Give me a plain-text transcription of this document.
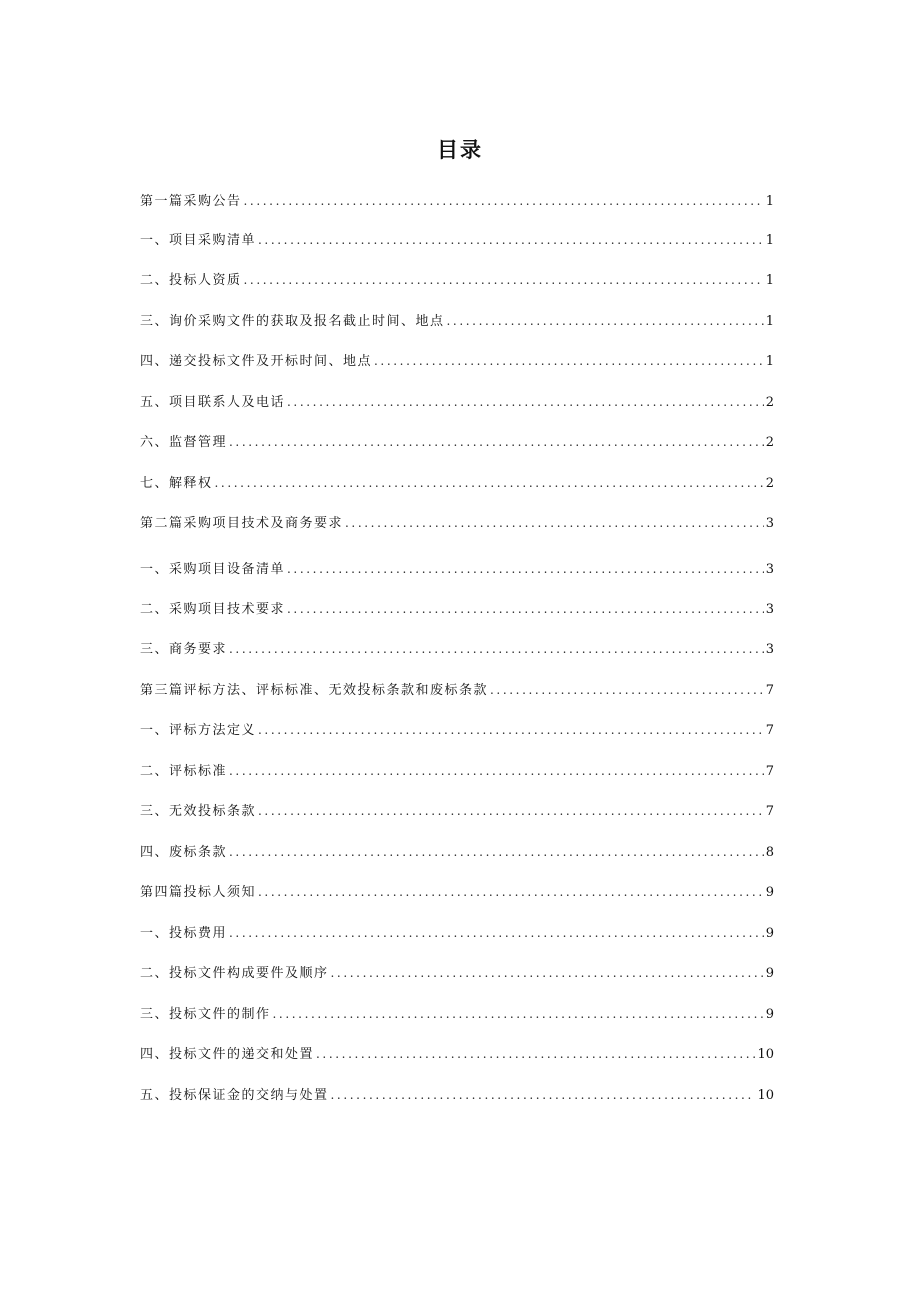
目录
第一篇采购公告 .....	1
一、项目采购清单 .....	1
二、投标人资质 .....	1
三、询价采购文件的获取及报名截止时间、地点 .....	1
四、递交投标文件及开标时间、地点 .....	1
五、项目联系人及电话 .....	2
六、监督管理 .....	2
七、解释权 .....	2
第二篇采购项目技术及商务要求 .....	3
一、采购项目设备清单 .....	3
二、采购项目技术要求 .....	3
三、商务要求 .....	3
第三篇评标方法、评标标准、无效投标条款和废标条款 .....	7
一、评标方法定义 .....	7
二、评标标准 .....	7
三、无效投标条款 .....	7
四、废标条款 .....	8
第四篇投标人须知 .....	9
一、投标费用 .....	9
二、投标文件构成要件及顺序 .....	9
三、投标文件的制作 .....	9
四、投标文件的递交和处置 .....	10
五、投标保证金的交纳与处置 .....	10
